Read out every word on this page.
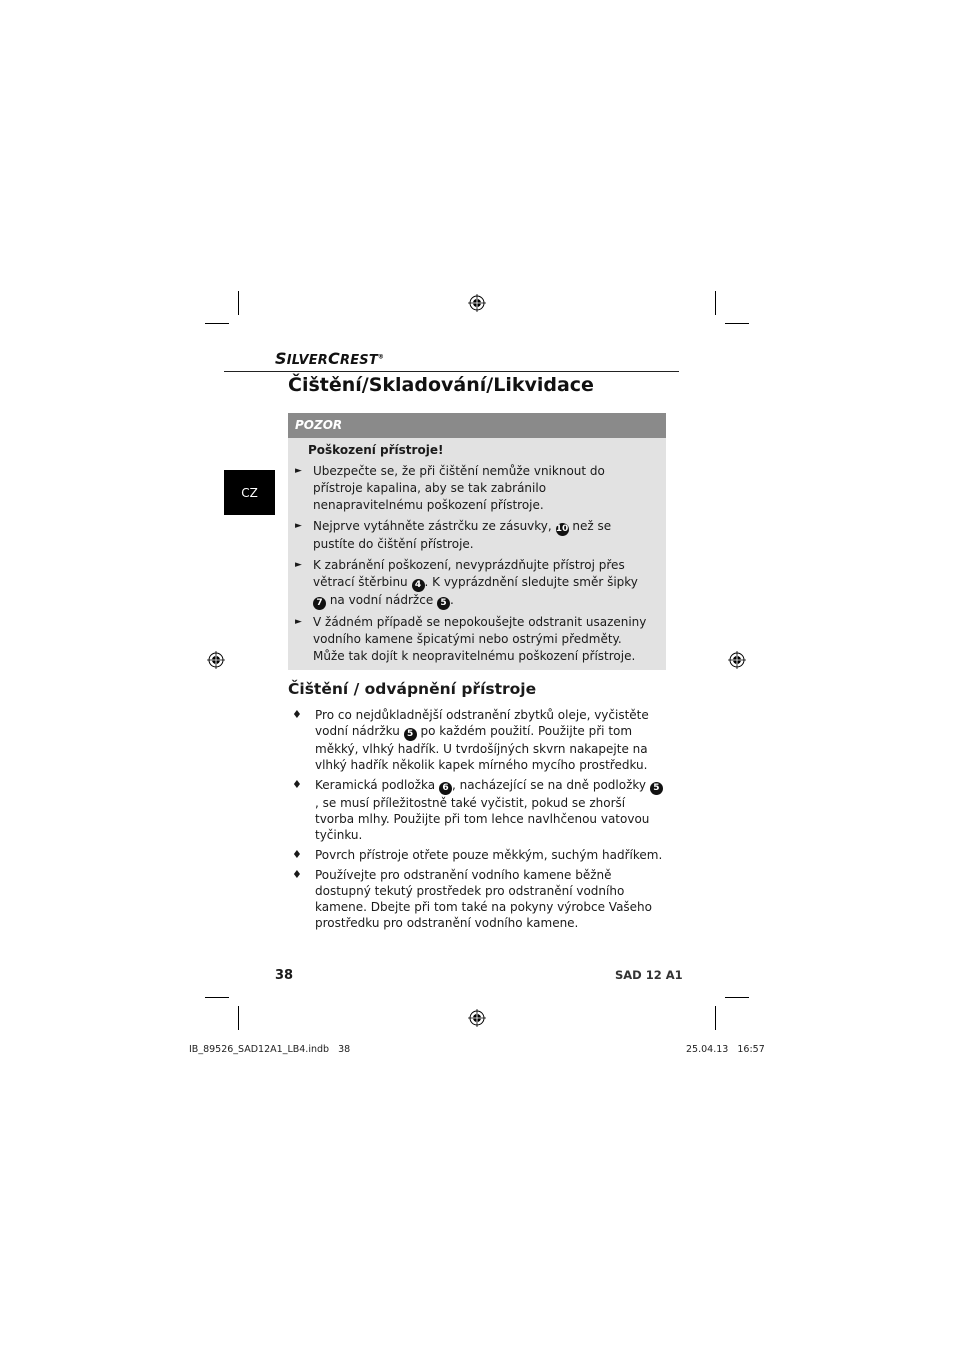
SILVERCREST®
Čištění/Skladování/Likvidace
CZ
POZOR
Poškození přístroje!
► Ubezpečte se, že při čištění nemůže vniknout do přístroje kapalina, aby se tak zabránilo nenapravitelnému poškození přístroje.
► Nejprve vytáhněte zástrčku ze zásuvky, 10 než se pustíte do čištění přístroje.
► K zabránění poškození, nevyprázdňujte přístroj přes větrací štěrbinu 4 . K vyprázdnění sledujte směr šipky 7 na vodní nádržce 5 .
► V žádném případě se nepokoušejte odstranit usazeniny vodního kamene špicatými nebo ostrými předměty. Může tak dojít k neopravitelnému poškození přístroje.
Čištění / odvápnění přístroje
♦ Pro co nejdůkladnější odstranění zbytků oleje, vyčistěte vodní nádržku 5 po každém použití. Použijte při tom měkký, vlhký hadřík. U tvrdošíjných skvrn nakapejte na vlhký hadřík několik kapek mírného mycího prostředku.
♦ Keramická podložka 6 , nacházející se na dně podložky 5, se musí příležitostně také vyčistit, pokud se zhorší tvorba mlhy. Použijte při tom lehce navlhčenou vatovou tyčinku.
♦ Povrch přístroje otřete pouze měkkým, suchým hadříkem.
♦ Používejte pro odstranění vodního kamene běžně dostupný tekutý prostředek pro odstranění vodního kamene. Dbejte při tom také na pokyny výrobce Vašeho prostředku pro odstranění vodního kamene.
38	SAD 12 A1
IB_89526_SAD12A1_LB4.indb   38	25.04.13   16:57
